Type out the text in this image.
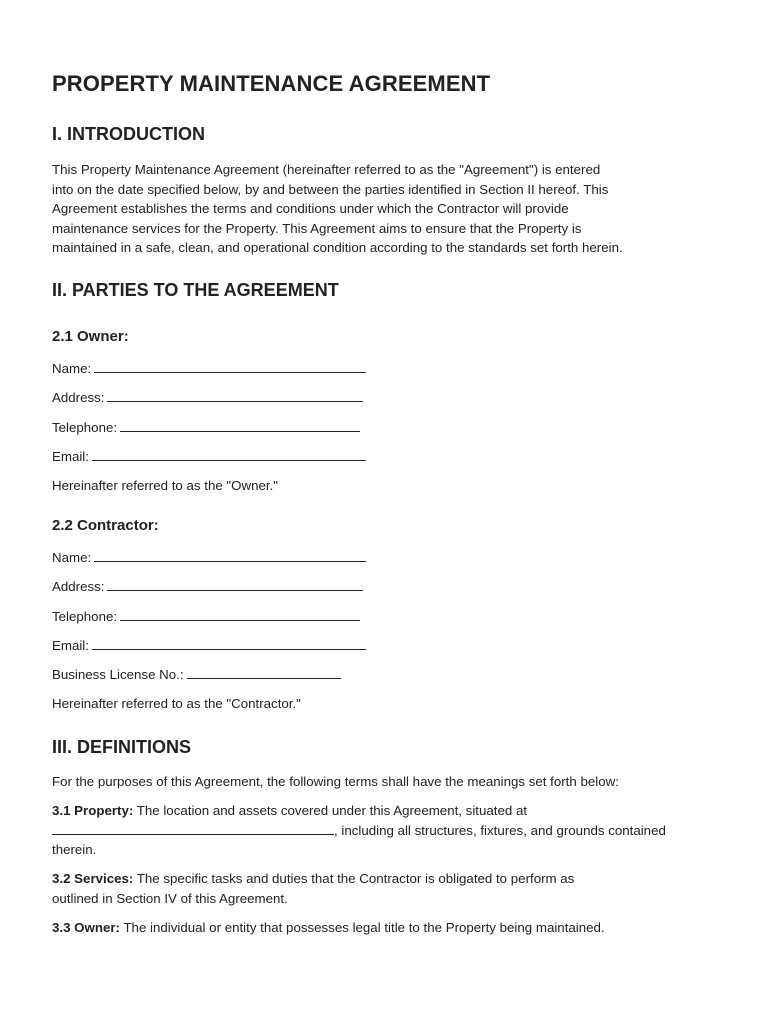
PROPERTY MAINTENANCE AGREEMENT
I. INTRODUCTION
This Property Maintenance Agreement (hereinafter referred to as the "Agreement") is entered
into on the date specified below, by and between the parties identified in Section II hereof. This
Agreement establishes the terms and conditions under which the Contractor will provide
maintenance services for the Property. This Agreement aims to ensure that the Property is
maintained in a safe, clean, and operational condition according to the standards set forth herein.
II. PARTIES TO THE AGREEMENT
2.1 Owner:
Name:
Address:
Telephone:
Email:
Hereinafter referred to as the "Owner."
2.2 Contractor:
Name:
Address:
Telephone:
Email:
Business License No.:
Hereinafter referred to as the "Contractor."
III. DEFINITIONS
For the purposes of this Agreement, the following terms shall have the meanings set forth below:
3.1 Property: The location and assets covered under this Agreement, situated at
, including all structures, fixtures, and grounds contained
therein.
3.2 Services: The specific tasks and duties that the Contractor is obligated to perform as
outlined in Section IV of this Agreement.
3.3 Owner: The individual or entity that possesses legal title to the Property being maintained.
